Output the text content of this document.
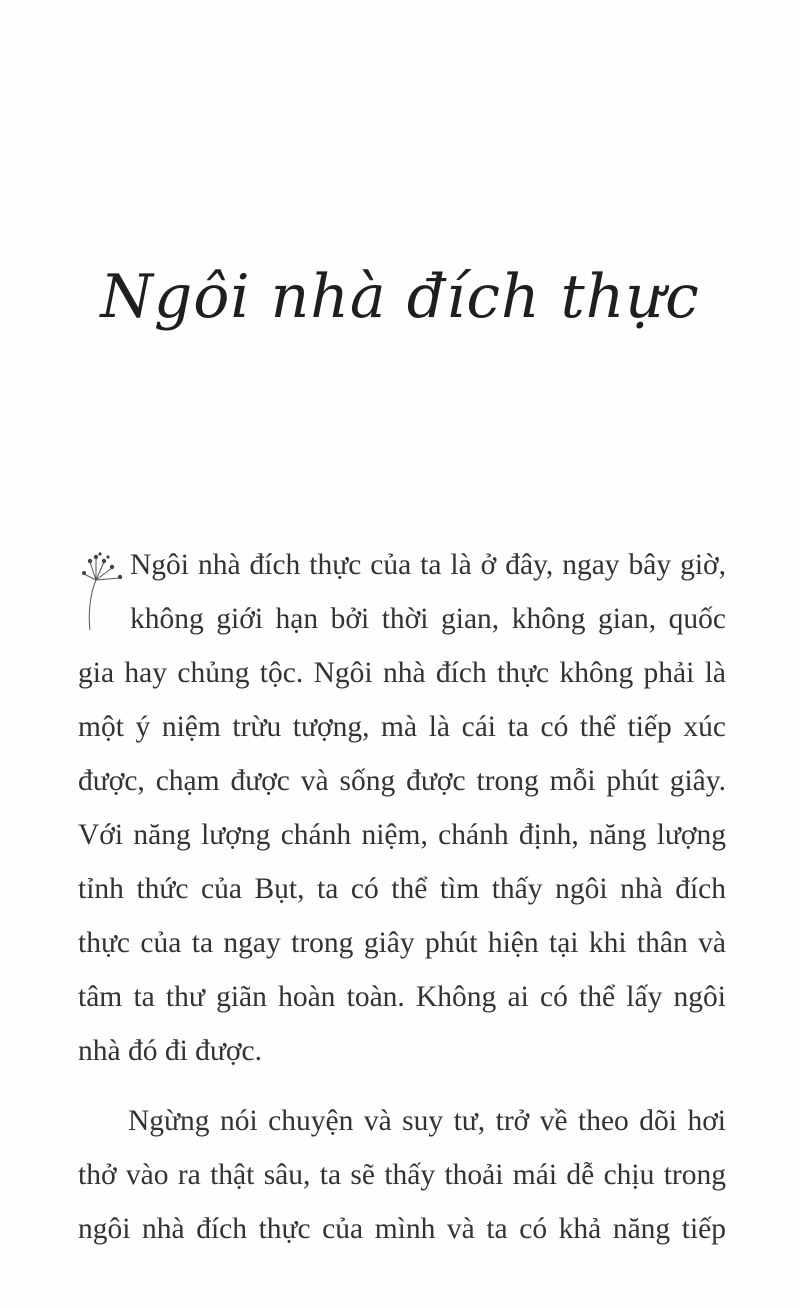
Ngôi nhà đích thực
Ngôi nhà đích thực của ta là ở đây, ngay bây giờ,
không giới hạn bởi thời gian, không gian, quốc
gia hay chủng tộc. Ngôi nhà đích thực không phải là
một ý niệm trừu tượng, mà là cái ta có thể tiếp xúc
được, chạm được và sống được trong mỗi phút giây.
Với năng lượng chánh niệm, chánh định, năng lượng
tỉnh thức của Bụt, ta có thể tìm thấy ngôi nhà đích
thực của ta ngay trong giây phút hiện tại khi thân và
tâm ta thư giãn hoàn toàn. Không ai có thể lấy ngôi
nhà đó đi được.
Ngừng nói chuyện và suy tư, trở về theo dõi hơi
thở vào ra thật sâu, ta sẽ thấy thoải mái dễ chịu trong
ngôi nhà đích thực của mình và ta có khả năng tiếp
